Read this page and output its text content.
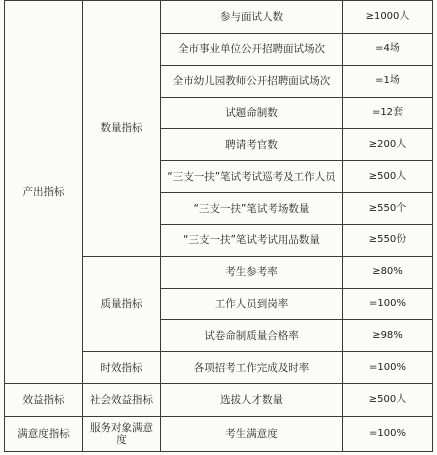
产出指标	数量指标	参与面试人数	≥1000人
		全市事业单位公开招聘面试场次	=4场
		全市幼儿园教师公开招聘面试场次	=1场
		试题命制数	=12套
		聘请考官数	≥200人
		“三支一扶”笔试考试巡考及工作人员	≥500人
		“三支一扶”笔试考场数量	≥550个
		“三支一扶”笔试考试用品数量	≥550份
	质量指标	考生参考率	≥80%
		工作人员到岗率	=100%
		试卷命制质量合格率	≥98%
	时效指标	各项招考工作完成及时率	=100%
效益指标	社会效益指标	选拔人才数量	≥500人
满意度指标	服务对象满意度	考生满意度	=100%
